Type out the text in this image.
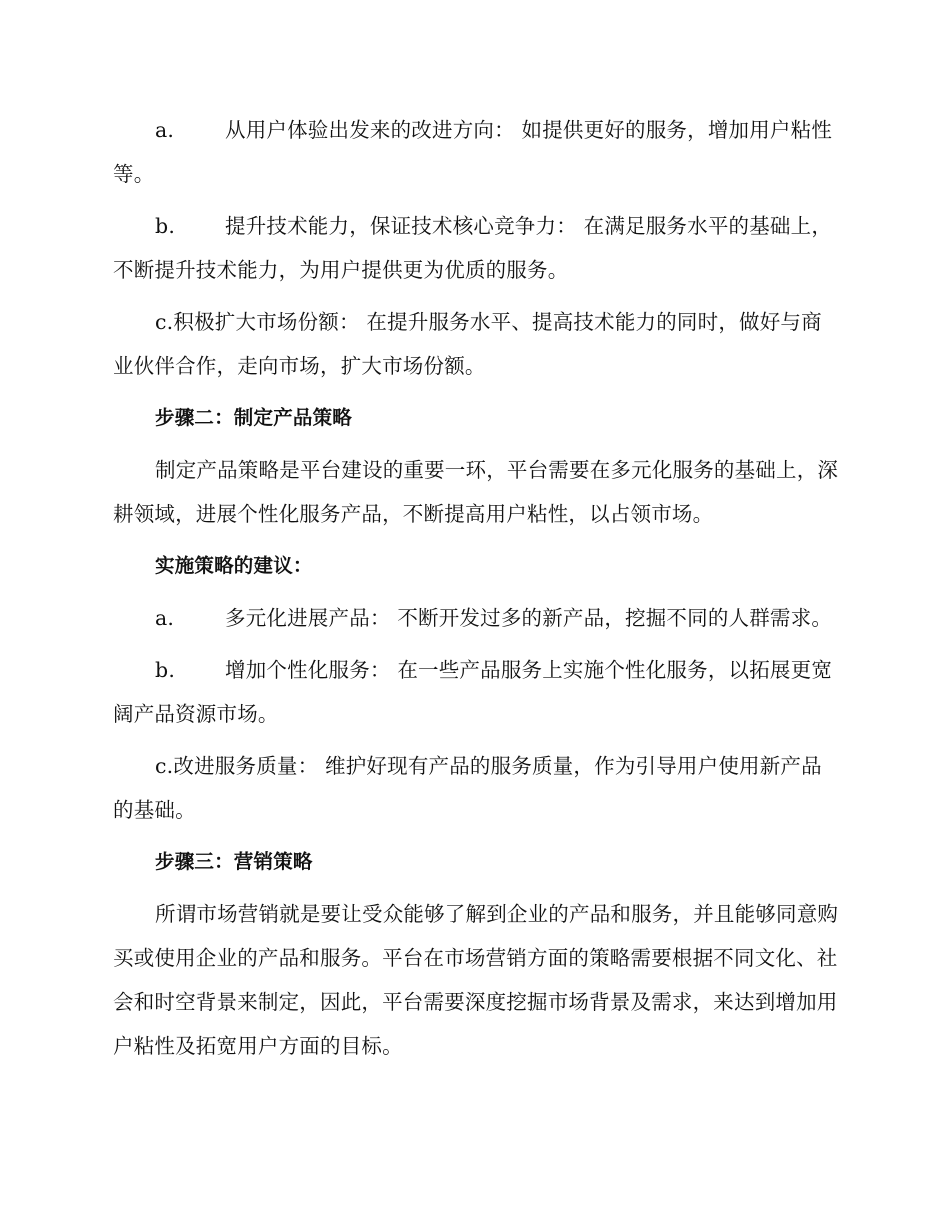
a. 从用户体验出发来的改进方向： 如提供更好的服务，增加用户粘性等。

b. 提升技术能力，保证技术核心竞争力： 在满足服务水平的基础上，不断提升技术能力，为用户提供更为优质的服务。

c.积极扩大市场份额： 在提升服务水平、提高技术能力的同时，做好与商业伙伴合作，走向市场，扩大市场份额。

步骤二：制定产品策略

制定产品策略是平台建设的重要一环，平台需要在多元化服务的基础上，深耕领域，进展个性化服务产品，不断提高用户粘性，以占领市场。

实施策略的建议：

a. 多元化进展产品： 不断开发过多的新产品，挖掘不同的人群需求。

b. 增加个性化服务： 在一些产品服务上实施个性化服务，以拓展更宽阔产品资源市场。

c.改进服务质量： 维护好现有产品的服务质量，作为引导用户使用新产品的基础。

步骤三：营销策略

所谓市场营销就是要让受众能够了解到企业的产品和服务，并且能够同意购买或使用企业的产品和服务。平台在市场营销方面的策略需要根据不同文化、社会和时空背景来制定，因此，平台需要深度挖掘市场背景及需求，来达到增加用户粘性及拓宽用户方面的目标。
